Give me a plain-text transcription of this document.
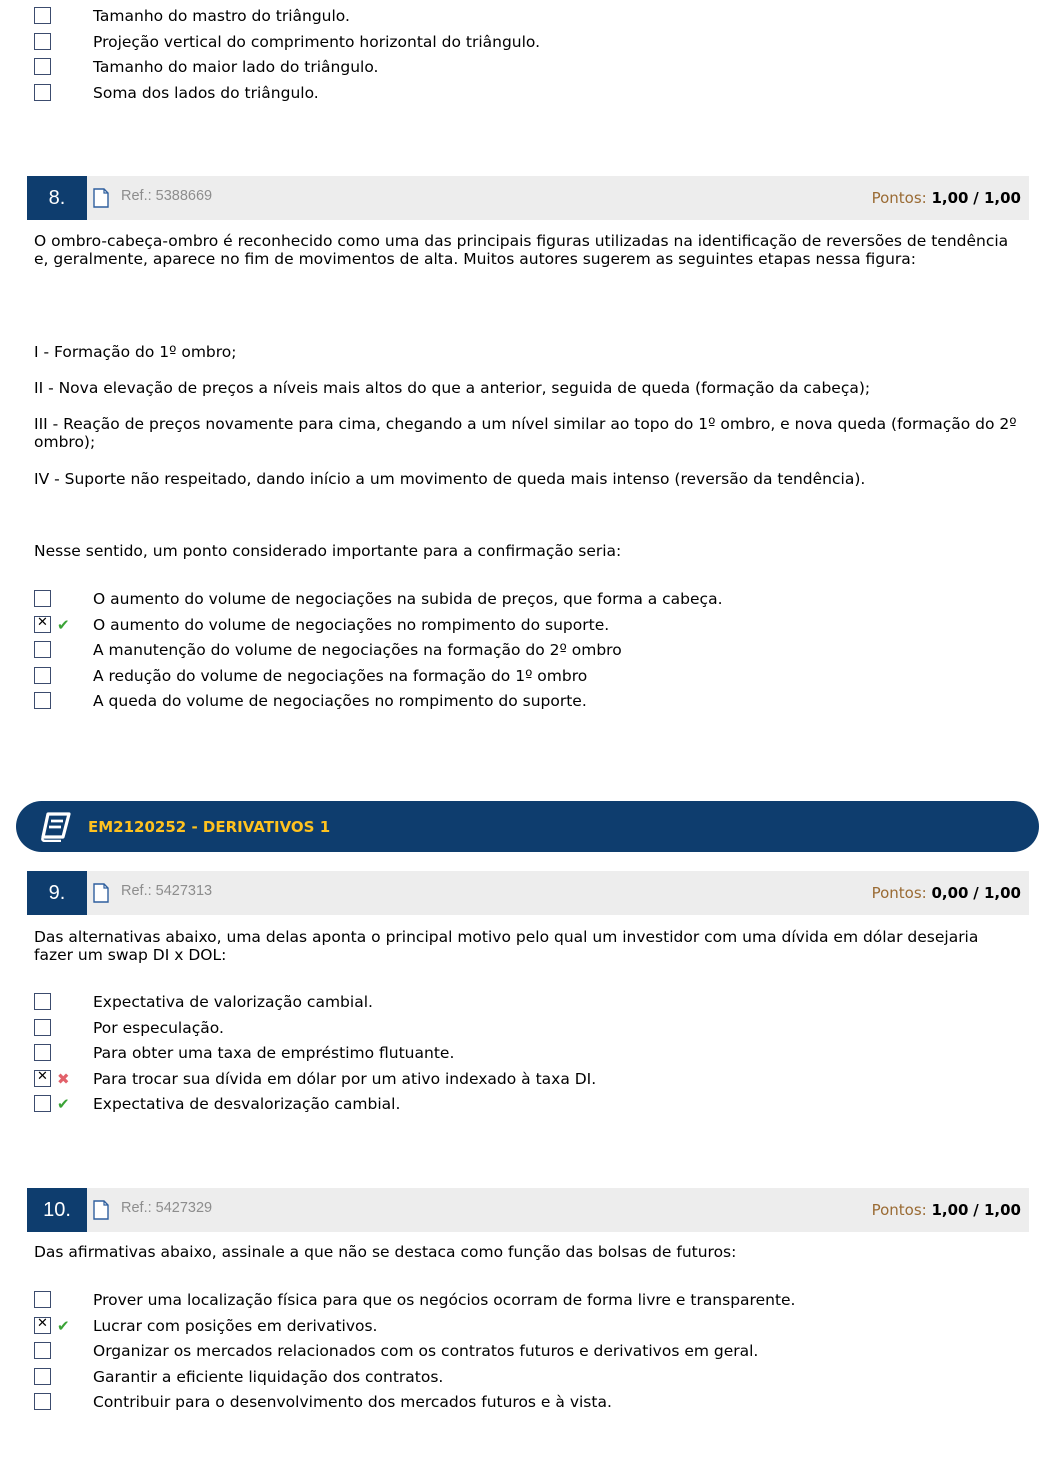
Tamanho do mastro do triângulo.
Projeção vertical do comprimento horizontal do triângulo.
Tamanho do maior lado do triângulo.
Soma dos lados do triângulo.
8.	Ref.: 5388669	Pontos: 1,00 / 1,00

O ombro-cabeça-ombro é reconhecido como uma das principais figuras utilizadas na identificação de reversões de tendência e, geralmente, aparece no fim de movimentos de alta. Muitos autores sugerem as seguintes etapas nessa figura:

I - Formação do 1º ombro;

II - Nova elevação de preços a níveis mais altos do que a anterior, seguida de queda (formação da cabeça);

III - Reação de preços novamente para cima, chegando a um nível similar ao topo do 1º ombro, e nova queda (formação do 2º ombro);

IV - Suporte não respeitado, dando início a um movimento de queda mais intenso (reversão da tendência).

Nesse sentido, um ponto considerado importante para a confirmação seria:

O aumento do volume de negociações na subida de preços, que forma a cabeça.
✕
✔	O aumento do volume de negociações no rompimento do suporte.
A manutenção do volume de negociações na formação do 2º ombro
A redução do volume de negociações na formação do 1º ombro
A queda do volume de negociações no rompimento do suporte.
EM2120252 - DERIVATIVOS 1
9.	Ref.: 5427313	Pontos: 0,00 / 1,00

Das alternativas abaixo, uma delas aponta o principal motivo pelo qual um investidor com uma dívida em dólar desejaria fazer um swap DI x DOL:

Expectativa de valorização cambial.
Por especulação.
Para obter uma taxa de empréstimo flutuante.
✕
✖	Para trocar sua dívida em dólar por um ativo indexado à taxa DI.
✔	Expectativa de desvalorização cambial.
10.	Ref.: 5427329	Pontos: 1,00 / 1,00

Das afirmativas abaixo, assinale a que não se destaca como função das bolsas de futuros:

Prover uma localização física para que os negócios ocorram de forma livre e transparente.
✕
✔	Lucrar com posições em derivativos.
Organizar os mercados relacionados com os contratos futuros e derivativos em geral.
Garantir a eficiente liquidação dos contratos.
Contribuir para o desenvolvimento dos mercados futuros e à vista.
